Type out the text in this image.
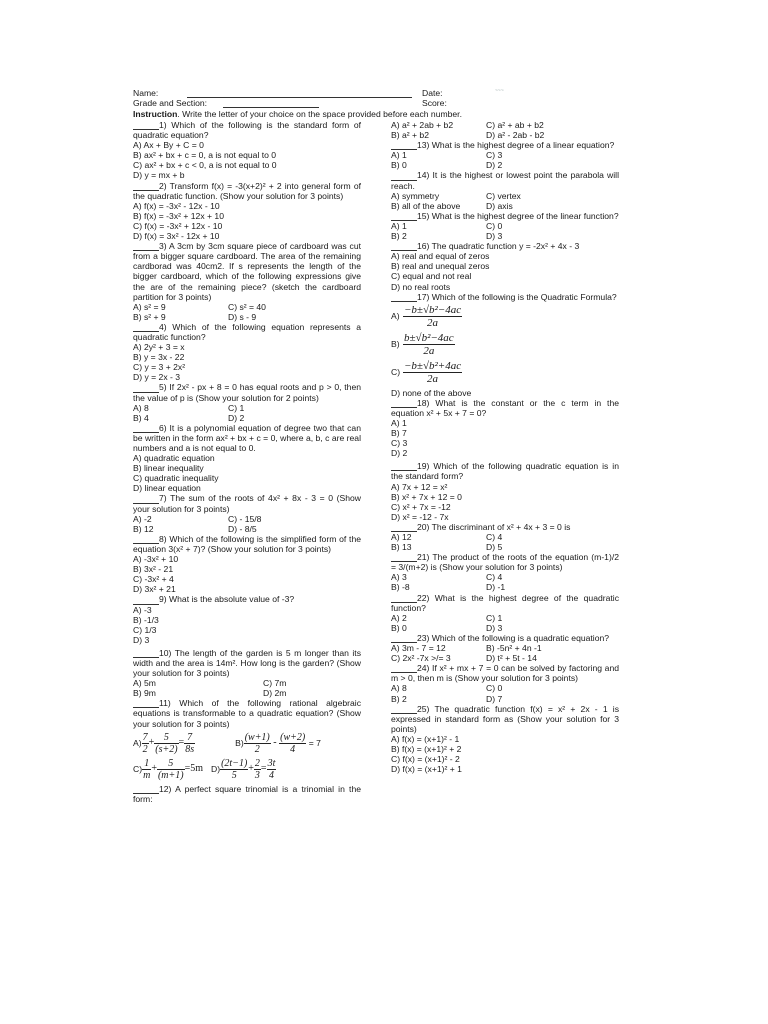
Name:
Grade and Section:
Date:
Score:
~~~
Instruction. Write the letter of your choice on the space provided before each number.

1) Which of the following is the standard form of quadratic equation?

A) Ax + By + C = 0

B) ax² + bx + c = 0, a is not equal to 0

C) ax² + bx + c < 0, a is not equal to 0

D) y = mx + b

2) Transform f(x) = -3(x+2)² + 2 into general form of the quadratic function. (Show your solution for 3 points)

A) f(x) = -3x² - 12x - 10

B) f(x) = -3x² + 12x + 10

C) f(x) = -3x² + 12x - 10

D) f(x) = 3x² - 12x + 10

3) A 3cm by 3cm square piece of cardboard was cut from a bigger square cardboard. The area of the remaining cardborad was 40cm2. If s represents the length of the bigger cardboard, which of the following expressions give the are of the remaining piece? (sketch the cardboard partition for 3 points)

A) s² = 9	C) s² = 40
B) s² + 9	D) s - 9

4) Which of the following equation represents a quadratic function?

A) 2y² + 3 = x

B) y = 3x - 22

C) y = 3 + 2x²

D) y = 2x - 3

5) If 2x² - px + 8 = 0 has equal roots and p > 0, then the value of p is (Show your solution for 2 points)

A) 8	C) 1
B) 4	D) 2

6) It is a polynomial equation of degree two that can be written in the form ax² + bx + c = 0, where a, b, c are real numbers and a is not equal to 0.

A) quadratic equation

B) linear inequality

C) quadratic inequality

D) linear equation

7) The sum of the roots of 4x² + 8x - 3 = 0 (Show your solution for 3 points)

A) -2	C) - 15/8
B) 12	D) - 8/5

8) Which of the following is the simplified form of the equation 3(x² + 7)? (Show your solution for 3 points)

A) -3x² + 10

B) 3x² - 21

C) -3x² + 4

D) 3x² + 21

9) What is the absolute value of -3?

A) -3

B) -1/3

C) 1/3

D) 3

10) The length of the garden is 5 m longer than its width and the area is 14m². How long is the garden? (Show your solution for 3 points)

A) 5m	C) 7m
B) 9m	D) 2m

11) Which of the following rational algebraic equations is transformable to a quadratic equation? (Show your solution for 3 points)

$A) \frac{7}{2} + \frac{5}{(s+2)} = \frac{7}{8s}$	$B) \frac{(w+1)}{2} - \frac{(w+2)}{4}$
= 7
$C) \frac{1}{m} + \frac{5}{(m+1)} =5m$ $D) \frac{(2t-1)}{5} + \frac{2}{3} = \frac{3t}{4}$

12) A perfect square trinomial is a trinomial in the form:

A) a² + 2ab + b2	C) a² + ab + b2
B) a² + b2	D) a² - 2ab - b2

13) What is the highest degree of a linear equation?

A) 1	C) 3
B) 0	D) 2

14) It is the highest or lowest point the parabola will reach.

A) symmetry	C) vertex
B) all of the above	D) axis

15) What is the highest degree of the linear function?

A) 1	C) 0
B) 2	D) 3

16) The quadratic function y = -2x² + 4x - 3

A) real and equal of zeros

B) real and unequal zeros

C) equal and not real

D) no real roots

17) Which of the following is the Quadratic Formula?

$A) \frac{\text{−b±√b²−4ac}}{2a}$
$B) \frac{\text{b±√b²−4ac}}{2a}$
$C) \frac{\text{−b±√b²+4ac}}{2a}$

D) none of the above

18) What is the constant or the c term in the equation x² + 5x + 7 = 0?

A) 1

B) 7

C) 3

D) 2

19) Which of the following quadratic equation is in the standard form?

A) 7x + 12 = x²

B) x² + 7x + 12 = 0

C) x² + 7x = -12

D) x² = -12 - 7x

20) The discriminant of x² + 4x + 3 = 0 is

A) 12	C) 4
B) 13	D) 5

21) The product of the roots of the equation (m-1)/2 = 3/(m+2) is (Show your solution for 3 points)

A) 3	C) 4
B) -8	D) -1

22) What is the highest degree of the quadratic function?

A) 2	C) 1
B) 0	D) 3

23) Which of the following is a quadratic equation?

A) 3m - 7 = 12	B) -5n² + 4n -1
C) 2x² -7x >/= 3	D) t² + 5t - 14

24) If x² + mx + 7 = 0 can be solved by factoring and m > 0, then m is (Show your solution for 3 points)

A) 8	C) 0
B) 2	D) 7

25) The quadratic function f(x) = x² + 2x - 1 is expressed in standard form as (Show your solution for 3 points)

A) f(x) = (x+1)² - 1

B) f(x) = (x+1)² + 2

C) f(x) = (x+1)² - 2

D) f(x) = (x+1)² + 1
